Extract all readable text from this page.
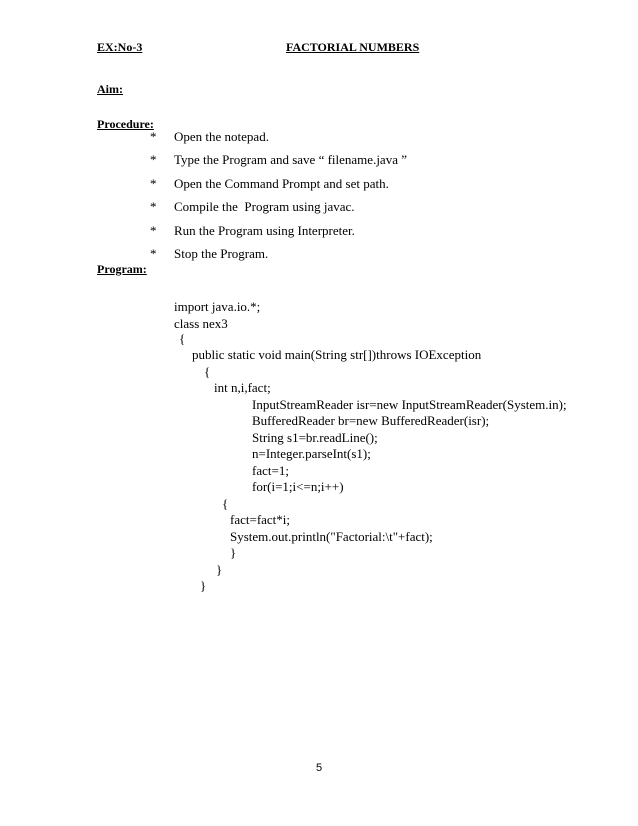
EX:No-3	FACTORIAL NUMBERS
Aim:
Procedure:
* Open the notepad.
* Type the Program and save “ filename.java ”
* Open the Command Prompt and set path.
* Compile the  Program using javac.
* Run the Program using Interpreter.
* Stop the Program.
Program:
import java.io.*;
class nex3
{
public static void main(String str[])throws IOException
{
int n,i,fact;
InputStreamReader isr=new InputStreamReader(System.in);
BufferedReader br=new BufferedReader(isr);
String s1=br.readLine();
n=Integer.parseInt(s1);
fact=1;
for(i=1;i<=n;i++)
{
fact=fact*i;
System.out.println("Factorial:\t"+fact);
}
}
}
5
